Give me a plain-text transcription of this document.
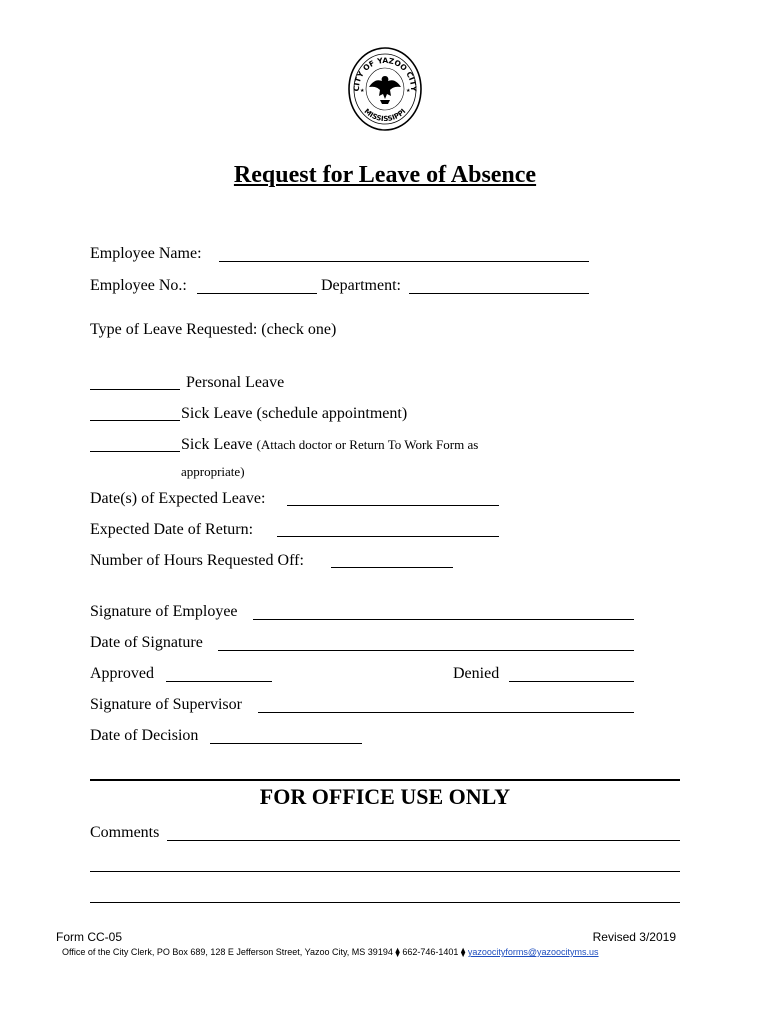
CITY OF YAZOO CITY
MISSISSIPPI
★	★
Request for Leave of Absence
Employee Name:
Employee No.:	Department:
Type of Leave Requested: (check one)
Personal Leave
Sick Leave (schedule appointment)
Sick Leave (Attach doctor or Return To Work Form as
appropriate)
Date(s) of Expected Leave:
Expected Date of Return:
Number of Hours Requested Off:
Signature of Employee
Date of Signature
Approved	Denied
Signature of Supervisor
Date of Decision
FOR OFFICE USE ONLY
Comments
Form CC-05	Revised 3/2019
Office of the City Clerk, PO Box 689, 128 E Jefferson Street, Yazoo City, MS 39194 ⧫ 662-746-1401 ⧫ yazoocityforms@yazoocityms.us
